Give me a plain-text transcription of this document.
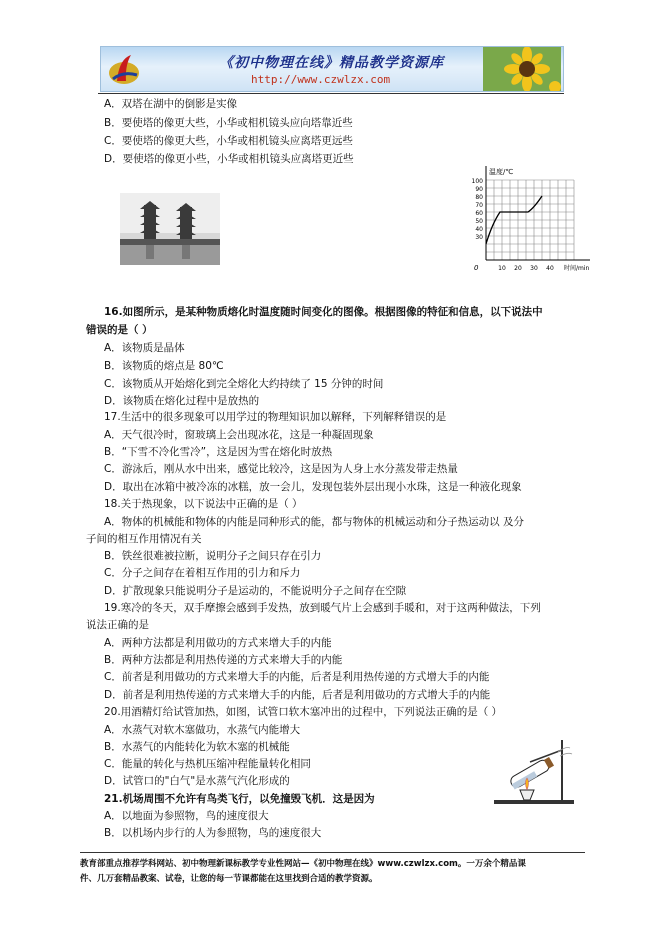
《初中物理在线》精品教学资源库
http://www.czwlzx.com
A．双塔在湖中的倒影是实像
B．要使塔的像更大些，小华或相机镜头应向塔靠近些
C．要使塔的像更大些，小华或相机镜头应离塔更远些
D．要使塔的像更小些，小华或相机镜头应离塔更近些
温度/℃
100
90
80
70
60
50
40
30
0	10 20 30 40 时间/min
16.如图所示，是某种物质熔化时温度随时间变化的图像。根据图像的特征和信息，以下说法中
错误的是（ ）
A．该物质是晶体
B．该物质的熔点是 80℃
C．该物质从开始熔化到完全熔化大约持续了 15 分钟的时间
D．该物质在熔化过程中是放热的
17.生活中的很多现象可以用学过的物理知识加以解释，下列解释错误的是
A．天气很冷时，窗玻璃上会出现冰花，这是一种凝固现象
B．“下雪不冷化雪冷”，这是因为雪在熔化时放热
C．游泳后，刚从水中出来，感觉比较冷，这是因为人身上水分蒸发带走热量
D．取出在冰箱中被冷冻的冰糕，放一会儿，发现包装外层出现小水珠，这是一种液化现象
18.关于热现象，以下说法中正确的是（ ）
A．物体的机械能和物体的内能是同种形式的能，都与物体的机械运动和分子热运动以 及分
子间的相互作用情况有关
B．铁丝很难被拉断，说明分子之间只存在引力
C．分子之间存在着相互作用的引力和斥力
D．扩散现象只能说明分子是运动的，不能说明分子之间存在空隙
19.寒冷的冬天，双手摩擦会感到手发热，放到暖气片上会感到手暖和，对于这两种做法，下列
说法正确的是
A．两种方法都是利用做功的方式来增大手的内能
B．两种方法都是利用热传递的方式来增大手的内能
C．前者是利用做功的方式来增大手的内能，后者是利用热传递的方式增大手的内能
D．前者是利用热传递的方式来增大手的内能，后者是利用做功的方式增大手的内能
20.用酒精灯给试管加热，如图，试管口软木塞冲出的过程中，下列说法正确的是（ ）
A．水蒸气对软木塞做功，水蒸气内能增大
B．水蒸气的内能转化为软木塞的机械能
C．能量的转化与热机压缩冲程能量转化相同
D．试管口的"白气"是水蒸气汽化形成的
21.机场周围不允许有鸟类飞行，以免撞毁飞机．这是因为
A．以地面为参照物，鸟的速度很大
B．以机场内步行的人为参照物，鸟的速度很大
教育部重点推荐学科网站、初中物理新课标教学专业性网站—《初中物理在线》www.czwlzx.com。一万余个精品课
件、几万套精品教案、试卷，让您的每一节课都能在这里找到合适的教学资源。
